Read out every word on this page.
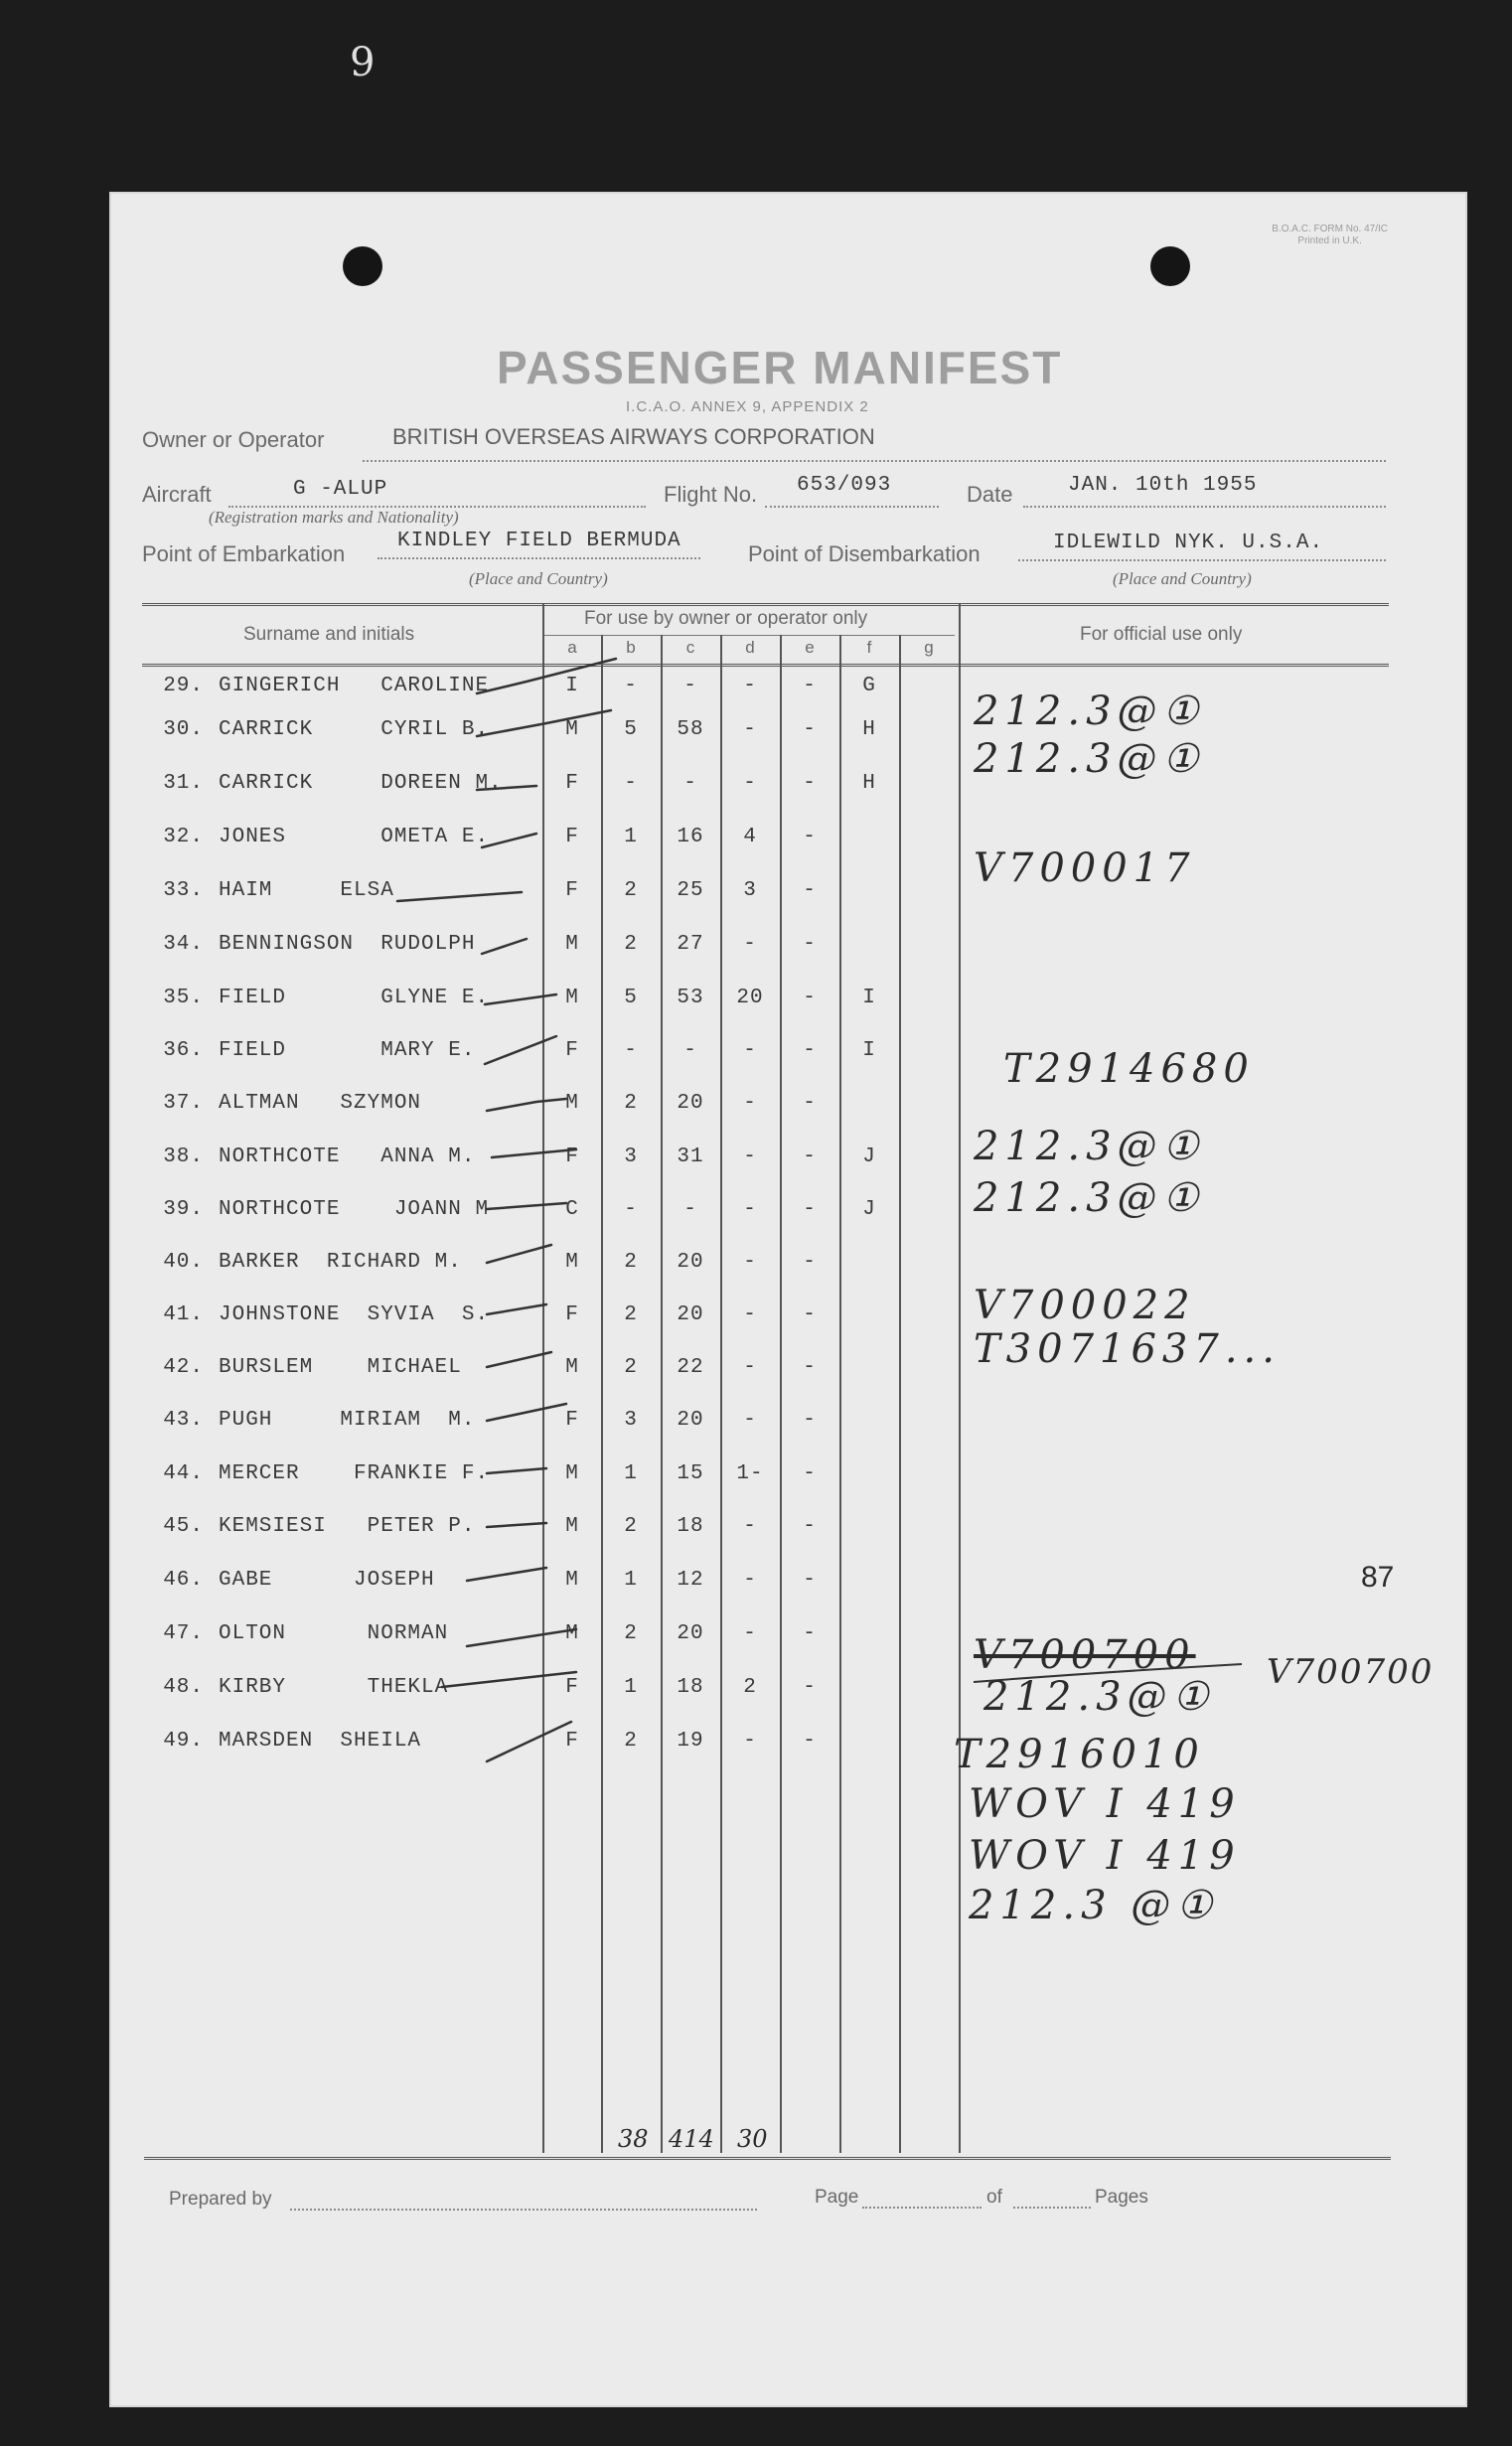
9
B.O.A.C. FORM No. 47/IC
Printed in U.K.
PASSENGER MANIFEST
I.C.A.O. ANNEX 9, APPENDIX 2
Owner or Operator	BRITISH OVERSEAS AIRWAYS CORPORATION
Aircraft	G -ALUP
(Registration marks and Nationality)
Flight No. 653/093	Date	JAN. 10th 1955
Point of Embarkation
KINDLEY FIELD BERMUDA
(Place and Country)
Point of Disembarkation	IDLEWILD NYK. U.S.A.
(Place and Country)
Surname and initials
For use by owner or operator only
For official use only
a	b	c	d	e	f	g
29. GINGERICH   CAROLINE	I	-	-	-	-	G
30. CARRICK     CYRIL B.	M	5	58	-	-	H
31. CARRICK     DOREEN M.	F	-	-	-	-	H
32. JONES       OMETA E.	F	1	16	4	-
33. HAIM     ELSA	F	2	25	3	-
34. BENNINGSON  RUDOLPH	M	2	27	-	-
35. FIELD       GLYNE E.	M	5	53	20	-	I
36. FIELD       MARY E.	F	-	-	-	-	I
37. ALTMAN   SZYMON	M	2	20	-	-
38. NORTHCOTE   ANNA M.	F	3	31	-	-	J
39. NORTHCOTE    JOANN M	C	-	-	-	-	J
40. BARKER  RICHARD M.	M	2	20	-	-
41. JOHNSTONE  SYVIA  S.	F	2	20	-	-
42. BURSLEM    MICHAEL	M	2	22	-	-
43. PUGH     MIRIAM  M.	F	3	20	-	-
44. MERCER    FRANKIE F.	M	1	15	1-	-
45. KEMSIESI   PETER P.	M	2	18	-	-
46. GABE      JOSEPH	M	1	12	-	-
47. OLTON      NORMAN	M	2	20	-	-
48. KIRBY      THEKLA	F	1	18	2	-
49. MARSDEN  SHEILA	F	2	19	-	-
212.3@①
212.3@①
V700017
T2914680
212.3@①
212.3@①
V700022
T3071637...
V700700
212.3@①
T2916010
WOV I 419
WOV I 419
212.3 @①
87
V700700
38 414 30
Prepared by	Page	of	Pages
